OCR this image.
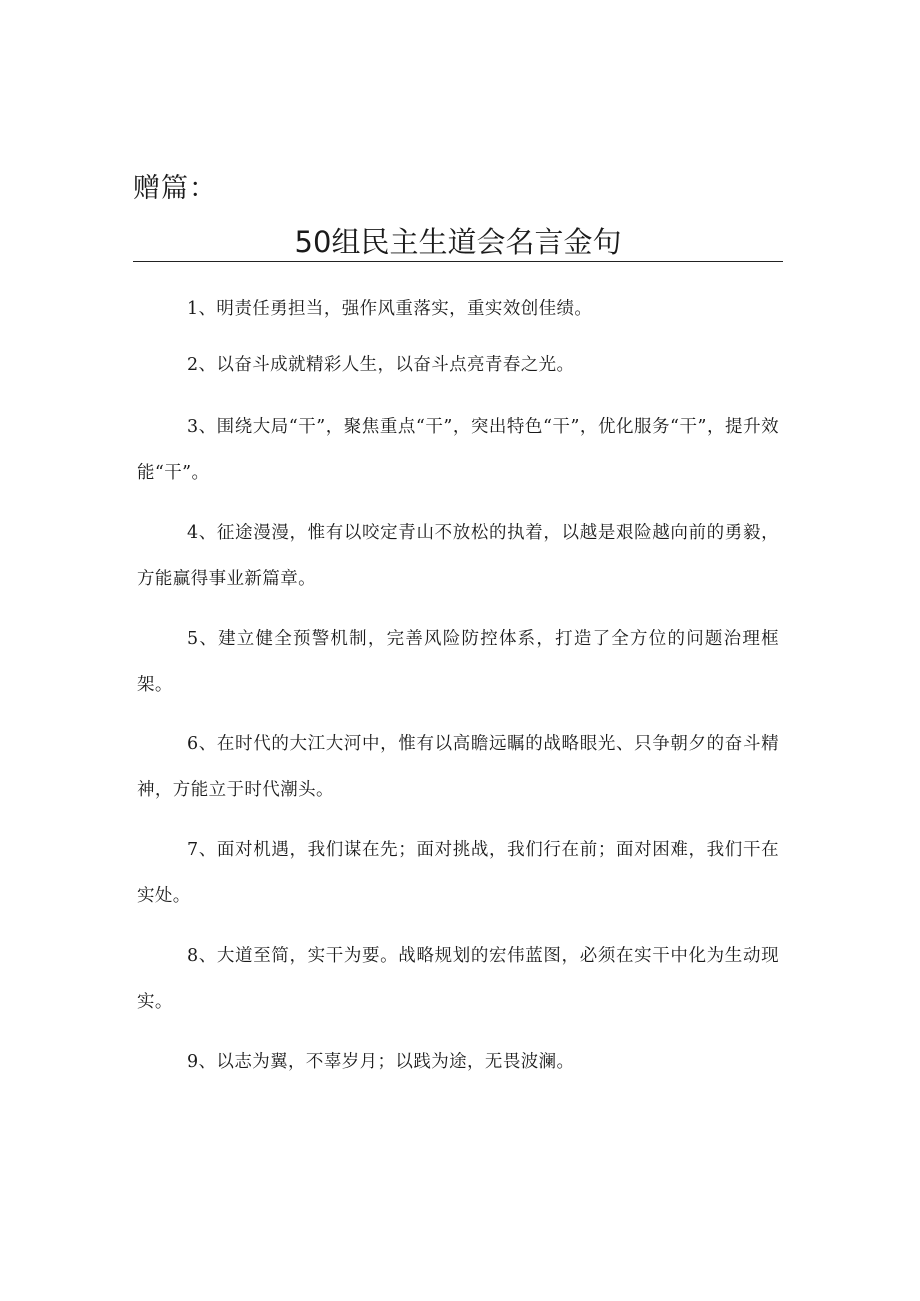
赠篇：
50组民主生道会名言金句

1、明责任勇担当，强作风重落实，重实效创佳绩。

2、以奋斗成就精彩人生，以奋斗点亮青春之光。

3、围绕大局“干”，聚焦重点“干”，突出特色“干”，优化服务“干”，提升效能“干”。

4、征途漫漫，惟有以咬定青山不放松的执着，以越是艰险越向前的勇毅，方能赢得事业新篇章。

5、建立健全预警机制，完善风险防控体系，打造了全方位的问题治理框架。

6、在时代的大江大河中，惟有以高瞻远瞩的战略眼光、只争朝夕的奋斗精神，方能立于时代潮头。

7、面对机遇，我们谋在先；面对挑战，我们行在前；面对困难，我们干在实处。

8、大道至简，实干为要。战略规划的宏伟蓝图，必须在实干中化为生动现实。

9、以志为翼，不辜岁月；以践为途，无畏波澜。
